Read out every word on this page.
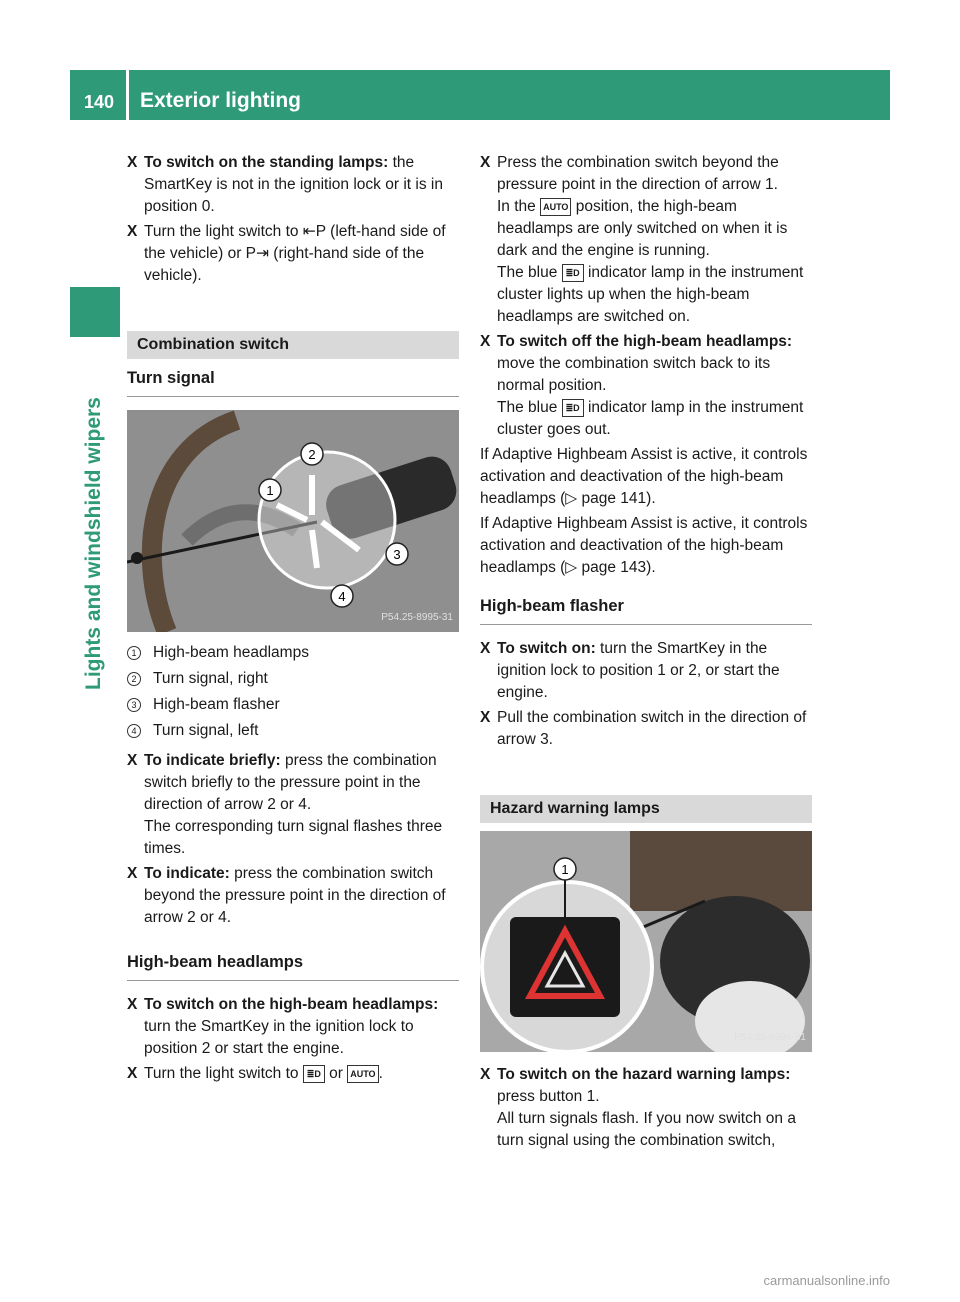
140 Exterior lighting
Lights and windshield wipers
X To switch on the standing lamps: the SmartKey is not in the ignition lock or it is in position 0.
X Turn the light switch to ⇤P (left-hand side of the vehicle) or P⇥ (right-hand side of the vehicle).
Combination switch
Turn signal
1
2
3
4
P54.25-8995-31
1 High-beam headlamps
2 Turn signal, right
3 High-beam flasher
4 Turn signal, left
X To indicate briefly: press the combination switch briefly to the pressure point in the direction of arrow 2 or 4.

The corresponding turn signal flashes three times.

X To indicate: press the combination switch beyond the pressure point in the direction of arrow 2 or 4.
High-beam headlamps
X To switch on the high-beam headlamps: turn the SmartKey in the ignition lock to position 2 or start the engine.
X Turn the light switch to ≣D or AUTO .
X Press the combination switch beyond the pressure point in the direction of arrow 1.

In the AUTO position, the high-beam headlamps are only switched on when it is dark and the engine is running.

The blue ≣D indicator lamp in the instrument cluster lights up when the high-beam headlamps are switched on.

X To switch off the high-beam headlamps: move the combination switch back to its normal position.

The blue ≣D indicator lamp in the instrument cluster goes out.

If Adaptive Highbeam Assist is active, it controls activation and deactivation of the high-beam headlamps (▷ page 141).

If Adaptive Highbeam Assist is active, it controls activation and deactivation of the high-beam headlamps (▷ page 143).

High-beam flasher
X To switch on: turn the SmartKey in the ignition lock to position 1 or 2, or start the engine.
X Pull the combination switch in the direction of arrow 3.
Hazard warning lamps
1
P54.25-8996-31
X To switch on the hazard warning lamps: press button 1.

All turn signals flash. If you now switch on a turn signal using the combination switch,

carmanualsonline.info
